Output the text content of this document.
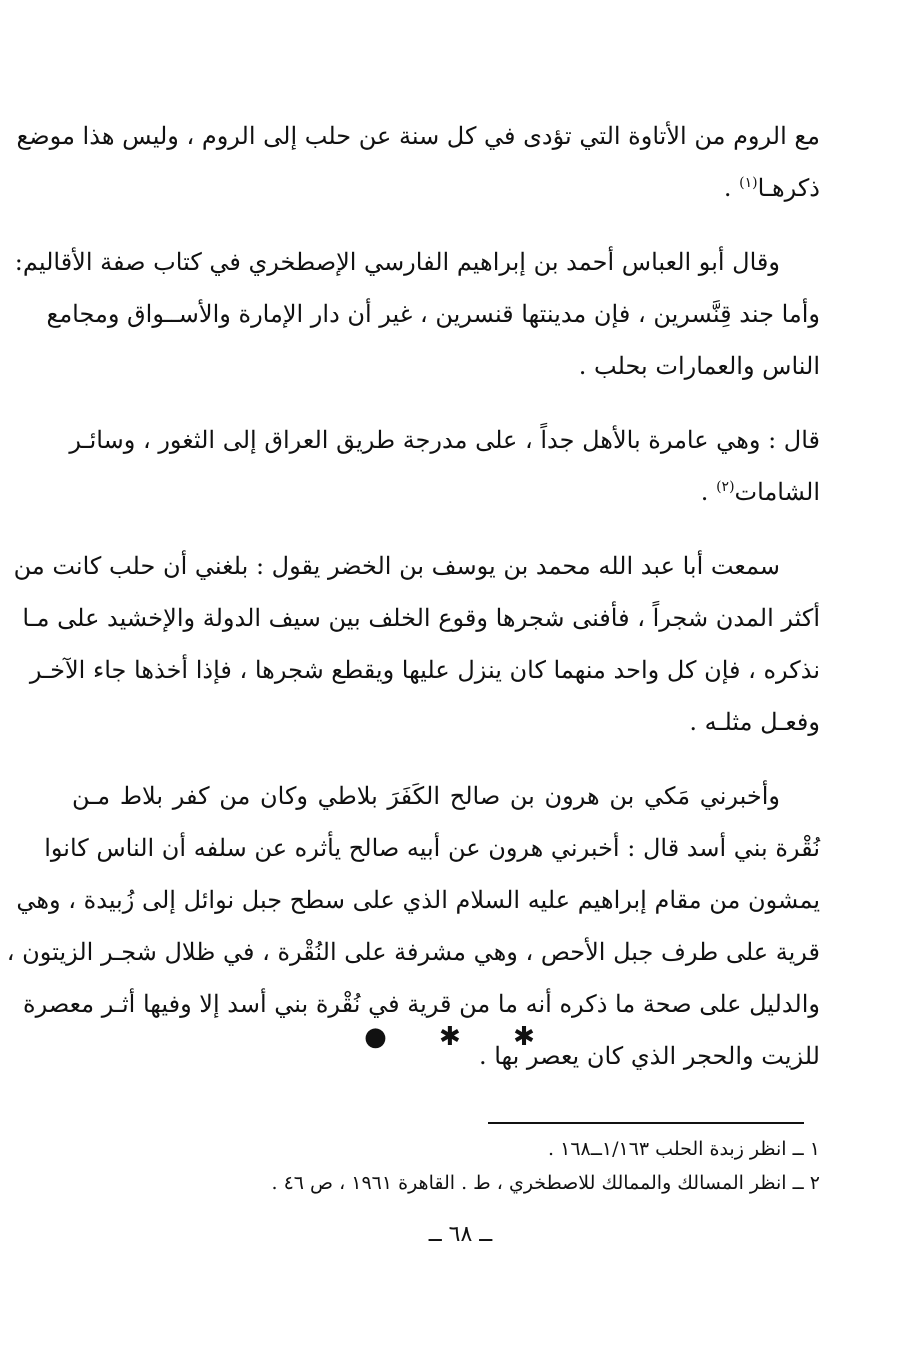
مع الروم من الأتاوة التي تؤدى في كل سنة عن حلب إلى الروم ، وليس هذا موضع
ذكرهـا$^{(١)}$ .
وقال أبو العباس أحمد بن إبراهيم الفارسي الإصطخري في كتاب صفة الأقاليم:
وأما جند قِنَّسرين ، فإن مدينتها قنسرين ، غير أن دار الإمارة والأســواق ومجامع
الناس والعمارات بحلب .
قال : وهي عامرة بالأهل جداً ، على مدرجة طريق العراق إلى الثغور ، وسائـر
الشامات$^{(٢)}$ .
سمعت أبا عبد الله محمد بن يوسف بن الخضر يقول : بلغني أن حلب كانت من
أكثر المدن شجراً ، فأفنى شجرها وقوع الخلف بين سيف الدولة والإخشيد على مـا
نذكره ، فإن كل واحد منهما كان ينزل عليها ويقطع شجرها ، فإذا أخذها جاء الآخـر
وفعـل مثلـه .
وأخبرني مَكي بن هرون بن صالح الكَفَرَ بلاطي وكان من كفر بلاط مـن
نُقْرة بني أسد قال : أخبرني هرون عن أبيه صالح يأثره عن سلفه أن الناس كانوا
يمشون من مقام إبراهيم عليه السلام الذي على سطح جبل نوائل إلى زُبيدة ، وهي
قرية على طرف جبل الأحص ، وهي مشرفة على النُقْرة ، في ظلال شجـر الزيتون ،
والدليل على صحة ما ذكره أنه ما من قرية في نُقْرة بني أسد إلا وفيها أثـر معصرة
للزيت والحجر الذي كان يعصر بها .
● ✱ ✱
١ ــ انظر زبدة الحلب ١/١٦٣ــ١٦٨ .
٢ ــ انظر المسالك والممالك للاصطخري ، ط . القاهرة ١٩٦١ ، ص ٤٦ .
ــ ٦٨ ــ
